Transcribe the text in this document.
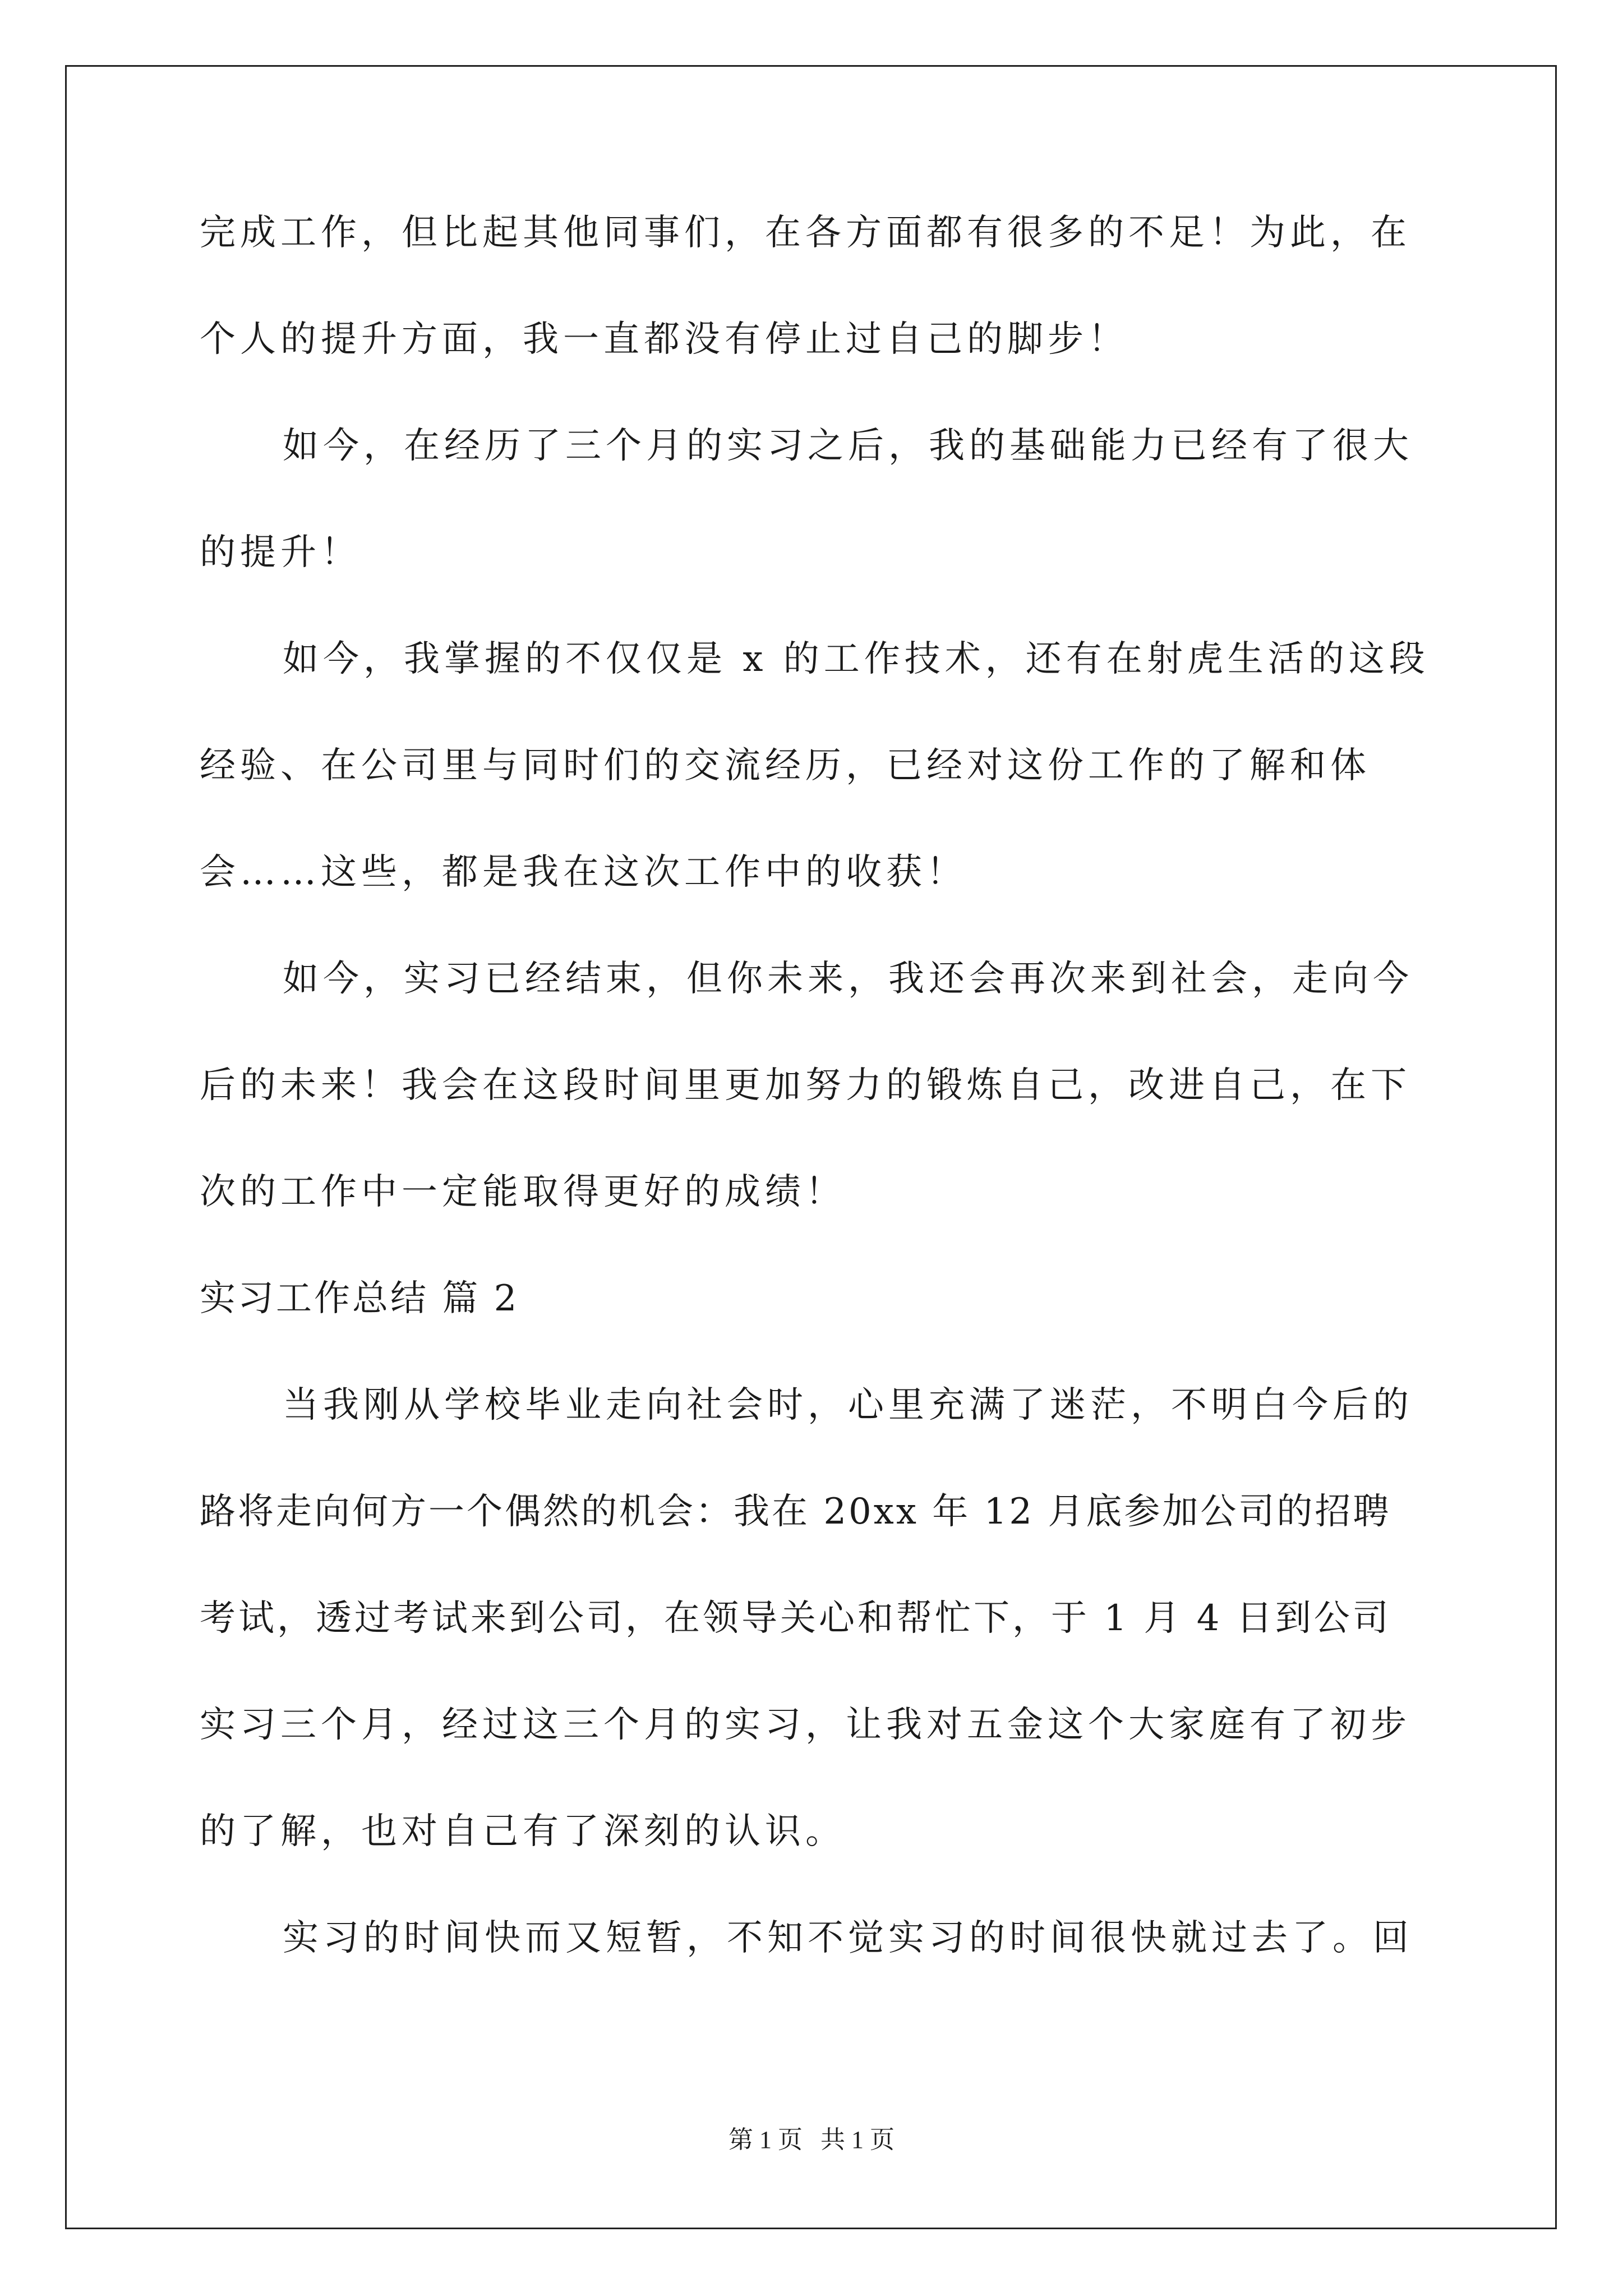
完成工作，但比起其他同事们，在各方面都有很多的不足！为此，在
个人的提升方面，我一直都没有停止过自己的脚步！
如今，在经历了三个月的实习之后，我的基础能力已经有了很大
的提升！
如今，我掌握的不仅仅是 x 的工作技术，还有在射虎生活的这段
经验、在公司里与同时们的交流经历，已经对这份工作的了解和体
会……这些，都是我在这次工作中的收获！
如今，实习已经结束，但你未来，我还会再次来到社会，走向今
后的未来！我会在这段时间里更加努力的锻炼自己，改进自己，在下
次的工作中一定能取得更好的成绩！
实习工作总结 篇 2
当我刚从学校毕业走向社会时，心里充满了迷茫，不明白今后的
路将走向何方一个偶然的机会：我在 20xx 年 12 月底参加公司的招聘
考试，透过考试来到公司，在领导关心和帮忙下，于 1 月 4 日到公司
实习三个月，经过这三个月的实习，让我对五金这个大家庭有了初步
的了解，也对自己有了深刻的认识。
实习的时间快而又短暂，不知不觉实习的时间很快就过去了。回
第 1 页 共 1 页
